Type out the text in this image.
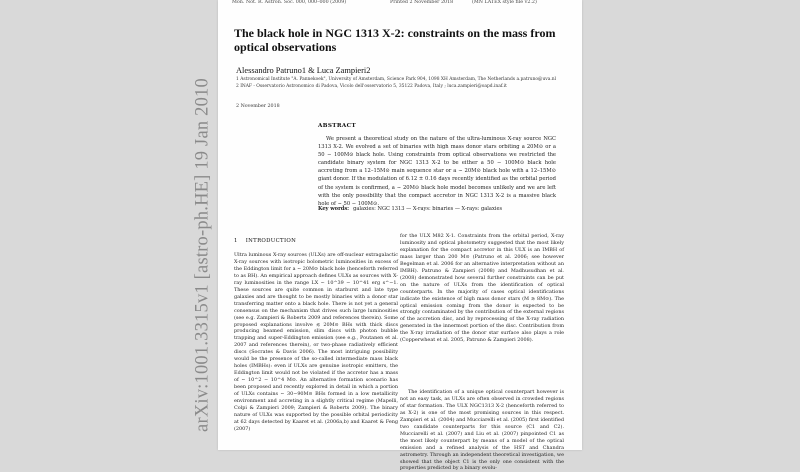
arXiv:1001.3315v1 [astro-ph.HE] 19 Jan 2010
Mon. Not. R. Astron. Soc. 000, 000–000 (2009)	Printed 2 November 2018	(MN LATEX style file v2.2)
The black hole in NGC 1313 X-2: constraints on the mass from optical observations
Alessandro Patruno1 & Luca Zampieri2
1 Astronomical Institute "A. Pannekoek", University of Amsterdam, Science Park 904, 1098 XH Amsterdam, The Netherlands a.patruno@uva.nl
2 INAF - Osservatorio Astronomico di Padova, Vicolo dell'osservatorio 5, 35122 Padova, Italy ; luca.zampieri@oapd.inaf.it
2 November 2018
ABSTRACT

We present a theoretical study on the nature of the ultra-luminous X-ray source NGC 1313 X-2. We evolved a set of binaries with high mass donor stars orbiting a 20M⊙ or a 50 − 100M⊙ black hole. Using constraints from optical observations we restricted the candidate binary system for NGC 1313 X-2 to be either a 50 − 100M⊙ black hole accreting from a 12–15M⊙ main sequence star or a ∼ 20M⊙ black hole with a 12–15M⊙ giant donor. If the modulation of 6.12 ± 0.16 days recently identified as the orbital period of the system is confirmed, a ∼ 20M⊙ black hole model becomes unlikely and we are left with the only possibility that the compact accretor in NGC 1313 X-2 is a massive black hole of ∼ 50 − 100M⊙.

Key words: galaxies: NGC 1313 — X-rays: binaries — X-rays: galaxies
1 INTRODUCTION

Ultra luminous X-ray sources (ULXs) are off-nuclear extragalactic X-ray sources with isotropic bolometric luminosities in excess of the Eddington limit for a ∼ 20M⊙ black hole (henceforth referred to as BH). An empirical approach defines ULXs as sources with X-ray luminosities in the range LX ∼ 10^39 − 10^41 erg s^−1. These sources are quite common in starburst and late type galaxies and are thought to be mostly binaries with a donor star transferring matter onto a black hole. There is not yet a general consensus on the mechanism that drives such large luminosities (see e.g. Zampieri & Roberts 2009 and references therein). Some proposed explanations involve ≲ 20M⊙ BHs with thick discs producing beamed emission, slim discs with photon bubble trapping and super-Eddington emission (see e.g., Poutanen et al. 2007 and references therein), or two-phase radiatively efficient discs (Socrates & Davis 2006). The most intriguing possibility would be the presence of the so-called intermediate mass black holes (IMBHs): even if ULXs are genuine isotropic emitters, the Eddington limit would not be violated if the accretor has a mass of ∼ 10^2 − 10^4 M⊙. An alternative formation scenario has been proposed and recently explored in detail in which a portion of ULXs contains ∼ 30−90M⊙ BHs formed in a low metallicity environment and accreting in a slightly critical regime (Mapelli, Colpi & Zampieri 2009; Zampieri & Roberts 2009). The binary nature of ULXs was supported by the possible orbital periodicity at 62 days detected by Kaaret et al. (2006a,b) and Kaaret & Feng (2007)

for the ULX M82 X-1. Constraints from the orbital period, X-ray luminosity and optical photometry suggested that the most likely explanation for the compact accretor in this ULX is an IMBH of mass larger than 200 M⊙ (Patruno et al. 2006; see however Begelman et al. 2006 for an alternative interpretation without an IMBH). Patruno & Zampieri (2008) and Madhusudhan et al. (2008) demonstrated how several further constraints can be put on the nature of ULXs from the identification of optical counterparts. In the majority of cases optical identifications indicate the existence of high mass donor stars (M ≳ 8M⊙). The optical emission coming from the donor is expected to be strongly contaminated by the contribution of the external regions of the accretion disc, and by reprocessing of the X-ray radiation generated in the innermost portion of the disc. Contribution from the X-ray irradiation of the donor star surface also plays a role (Copperwheat et al. 2005, Patruno & Zampieri 2008).

The identification of a unique optical counterpart however is not an easy task, as ULXs are often observed in crowded regions of star formation. The ULX NGC1313 X-2 (henceforth referred to as X-2) is one of the most promising sources in this respect. Zampieri et al. (2004) and Mucciarelli et al. (2005) first identified two candidate counterparts for this source (C1 and C2). Mucciarelli et al. (2007) and Liu et al. (2007) pinpointed C1 as the most likely counterpart by means of a model of the optical emission and a refined analysis of the HST and Chandra astrometry. Through an independent theoretical investigation, we showed that the object C1 is the only one consistent with the properties predicted by a binary evolu-
